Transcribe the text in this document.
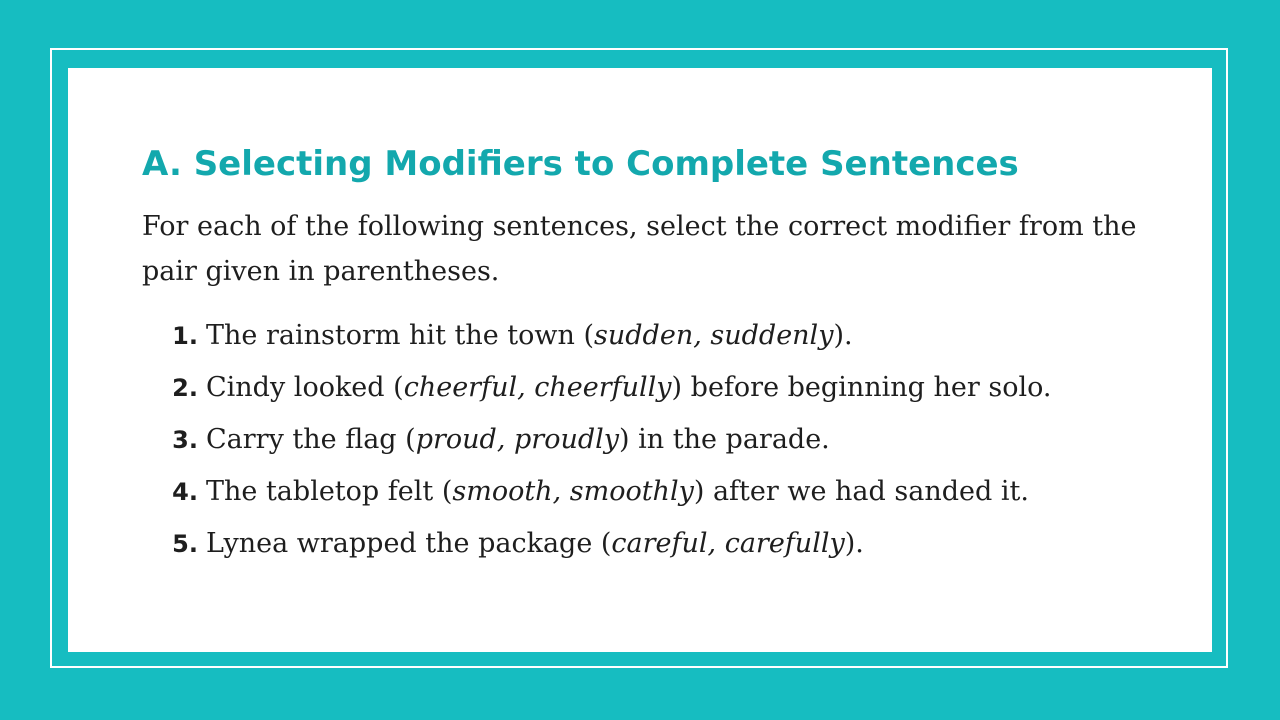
A. Selecting Modifiers to Complete Sentences

For each of the following sentences, select the correct modifier from the pair given in parentheses.

1. The rainstorm hit the town (sudden, suddenly).
2. Cindy looked (cheerful, cheerfully) before beginning her solo.
3. Carry the flag (proud, proudly) in the parade.
4. The tabletop felt (smooth, smoothly) after we had sanded it.
5. Lynea wrapped the package (careful, carefully).
